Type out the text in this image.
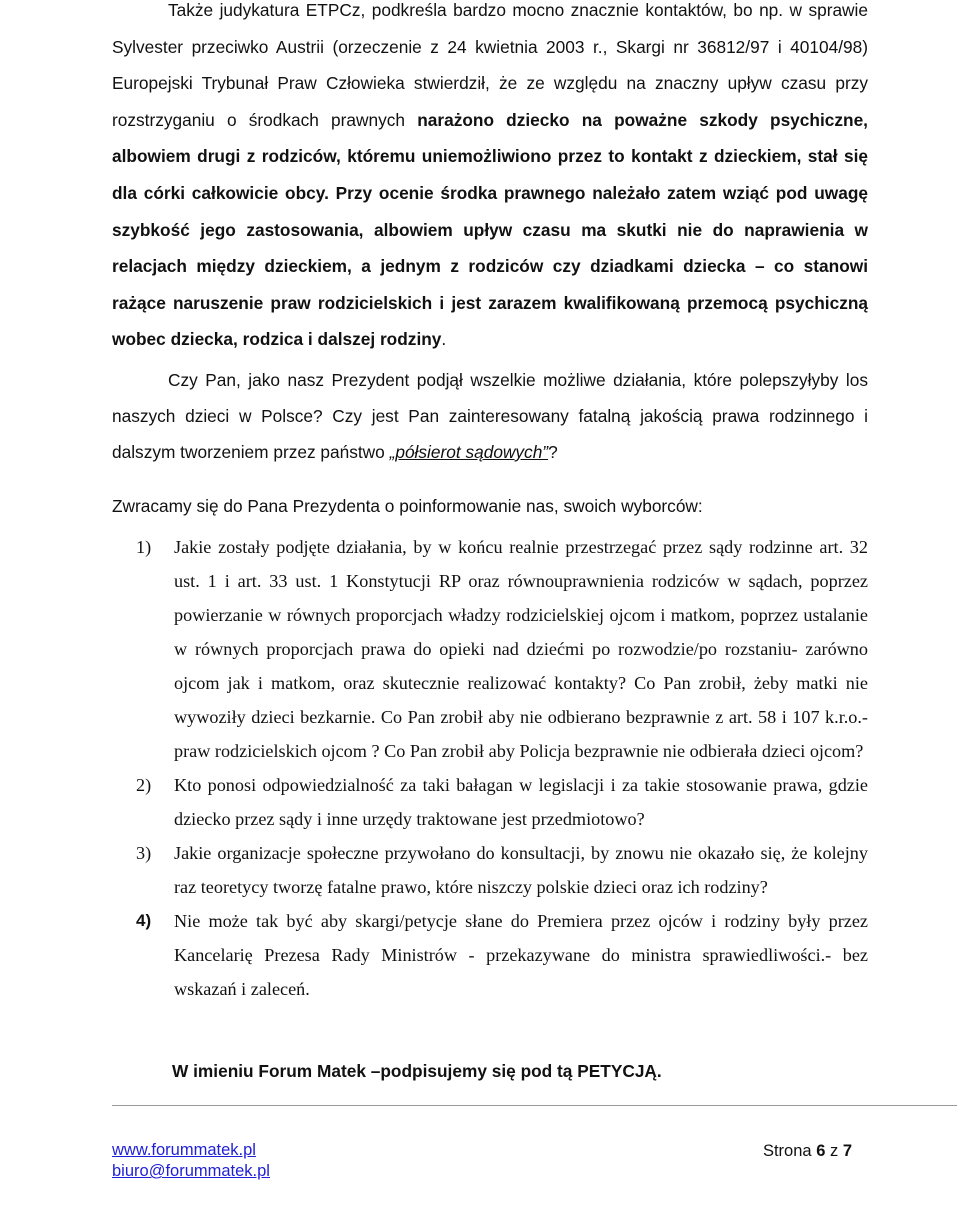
Także judykatura ETPCz, podkreśla bardzo mocno znacznie kontaktów, bo np. w sprawie Sylvester przeciwko Austrii (orzeczenie z 24 kwietnia 2003 r., Skargi nr 36812/97 i 40104/98) Europejski Trybunał Praw Człowieka stwierdził, że ze względu na znaczny upływ czasu przy rozstrzyganiu o środkach prawnych narażono dziecko na poważne szkody psychiczne, albowiem drugi z rodziców, któremu uniemożliwiono przez to kontakt z dzieckiem, stał się dla córki całkowicie obcy. Przy ocenie środka prawnego należało zatem wziąć pod uwagę szybkość jego zastosowania, albowiem upływ czasu ma skutki nie do naprawienia w relacjach między dzieckiem, a jednym z rodziców czy dziadkami dziecka – co stanowi rażące naruszenie praw rodzicielskich i jest zarazem kwalifikowaną przemocą psychiczną wobec dziecka, rodzica i dalszej rodziny.
Czy Pan, jako nasz Prezydent podjął wszelkie możliwe działania, które polepszyłyby los naszych dzieci w Polsce? Czy jest Pan zainteresowany fatalną jakością prawa rodzinnego i dalszym tworzeniem przez państwo „półsierot sądowych”?
Zwracamy się do Pana Prezydenta o poinformowanie nas, swoich wyborców:
1) Jakie zostały podjęte działania, by w końcu realnie przestrzegać przez sądy rodzinne art. 32 ust. 1 i art. 33 ust. 1 Konstytucji RP oraz równouprawnienia rodziców w sądach, poprzez powierzanie w równych proporcjach władzy rodzicielskiej ojcom i matkom, poprzez ustalanie w równych proporcjach prawa do opieki nad dziećmi po rozwodzie/po rozstaniu- zarówno ojcom jak i matkom, oraz skutecznie realizować kontakty? Co Pan zrobił, żeby matki nie wywoziły dzieci bezkarnie. Co Pan zrobił aby nie odbierano bezprawnie z art. 58 i 107 k.r.o.- praw rodzicielskich ojcom ? Co Pan zrobił aby Policja bezprawnie nie odbierała dzieci ojcom?
2) Kto ponosi odpowiedzialność za taki bałagan w legislacji i za takie stosowanie prawa, gdzie dziecko przez sądy i inne urzędy traktowane jest przedmiotowo?
3) Jakie organizacje społeczne przywołano do konsultacji, by znowu nie okazało się, że kolejny raz teoretycy tworzę fatalne prawo, które niszczy polskie dzieci oraz ich rodziny?
4) Nie może tak być aby skargi/petycje słane do Premiera przez ojców i rodziny były przez Kancelarię Prezesa Rady Ministrów - przekazywane do ministra sprawiedliwości.- bez wskazań i zaleceń.
W imieniu Forum Matek –podpisujemy się pod tą PETYCJĄ.
www.forummatek.pl
biuro@forummatek.pl
Strona 6 z 7
